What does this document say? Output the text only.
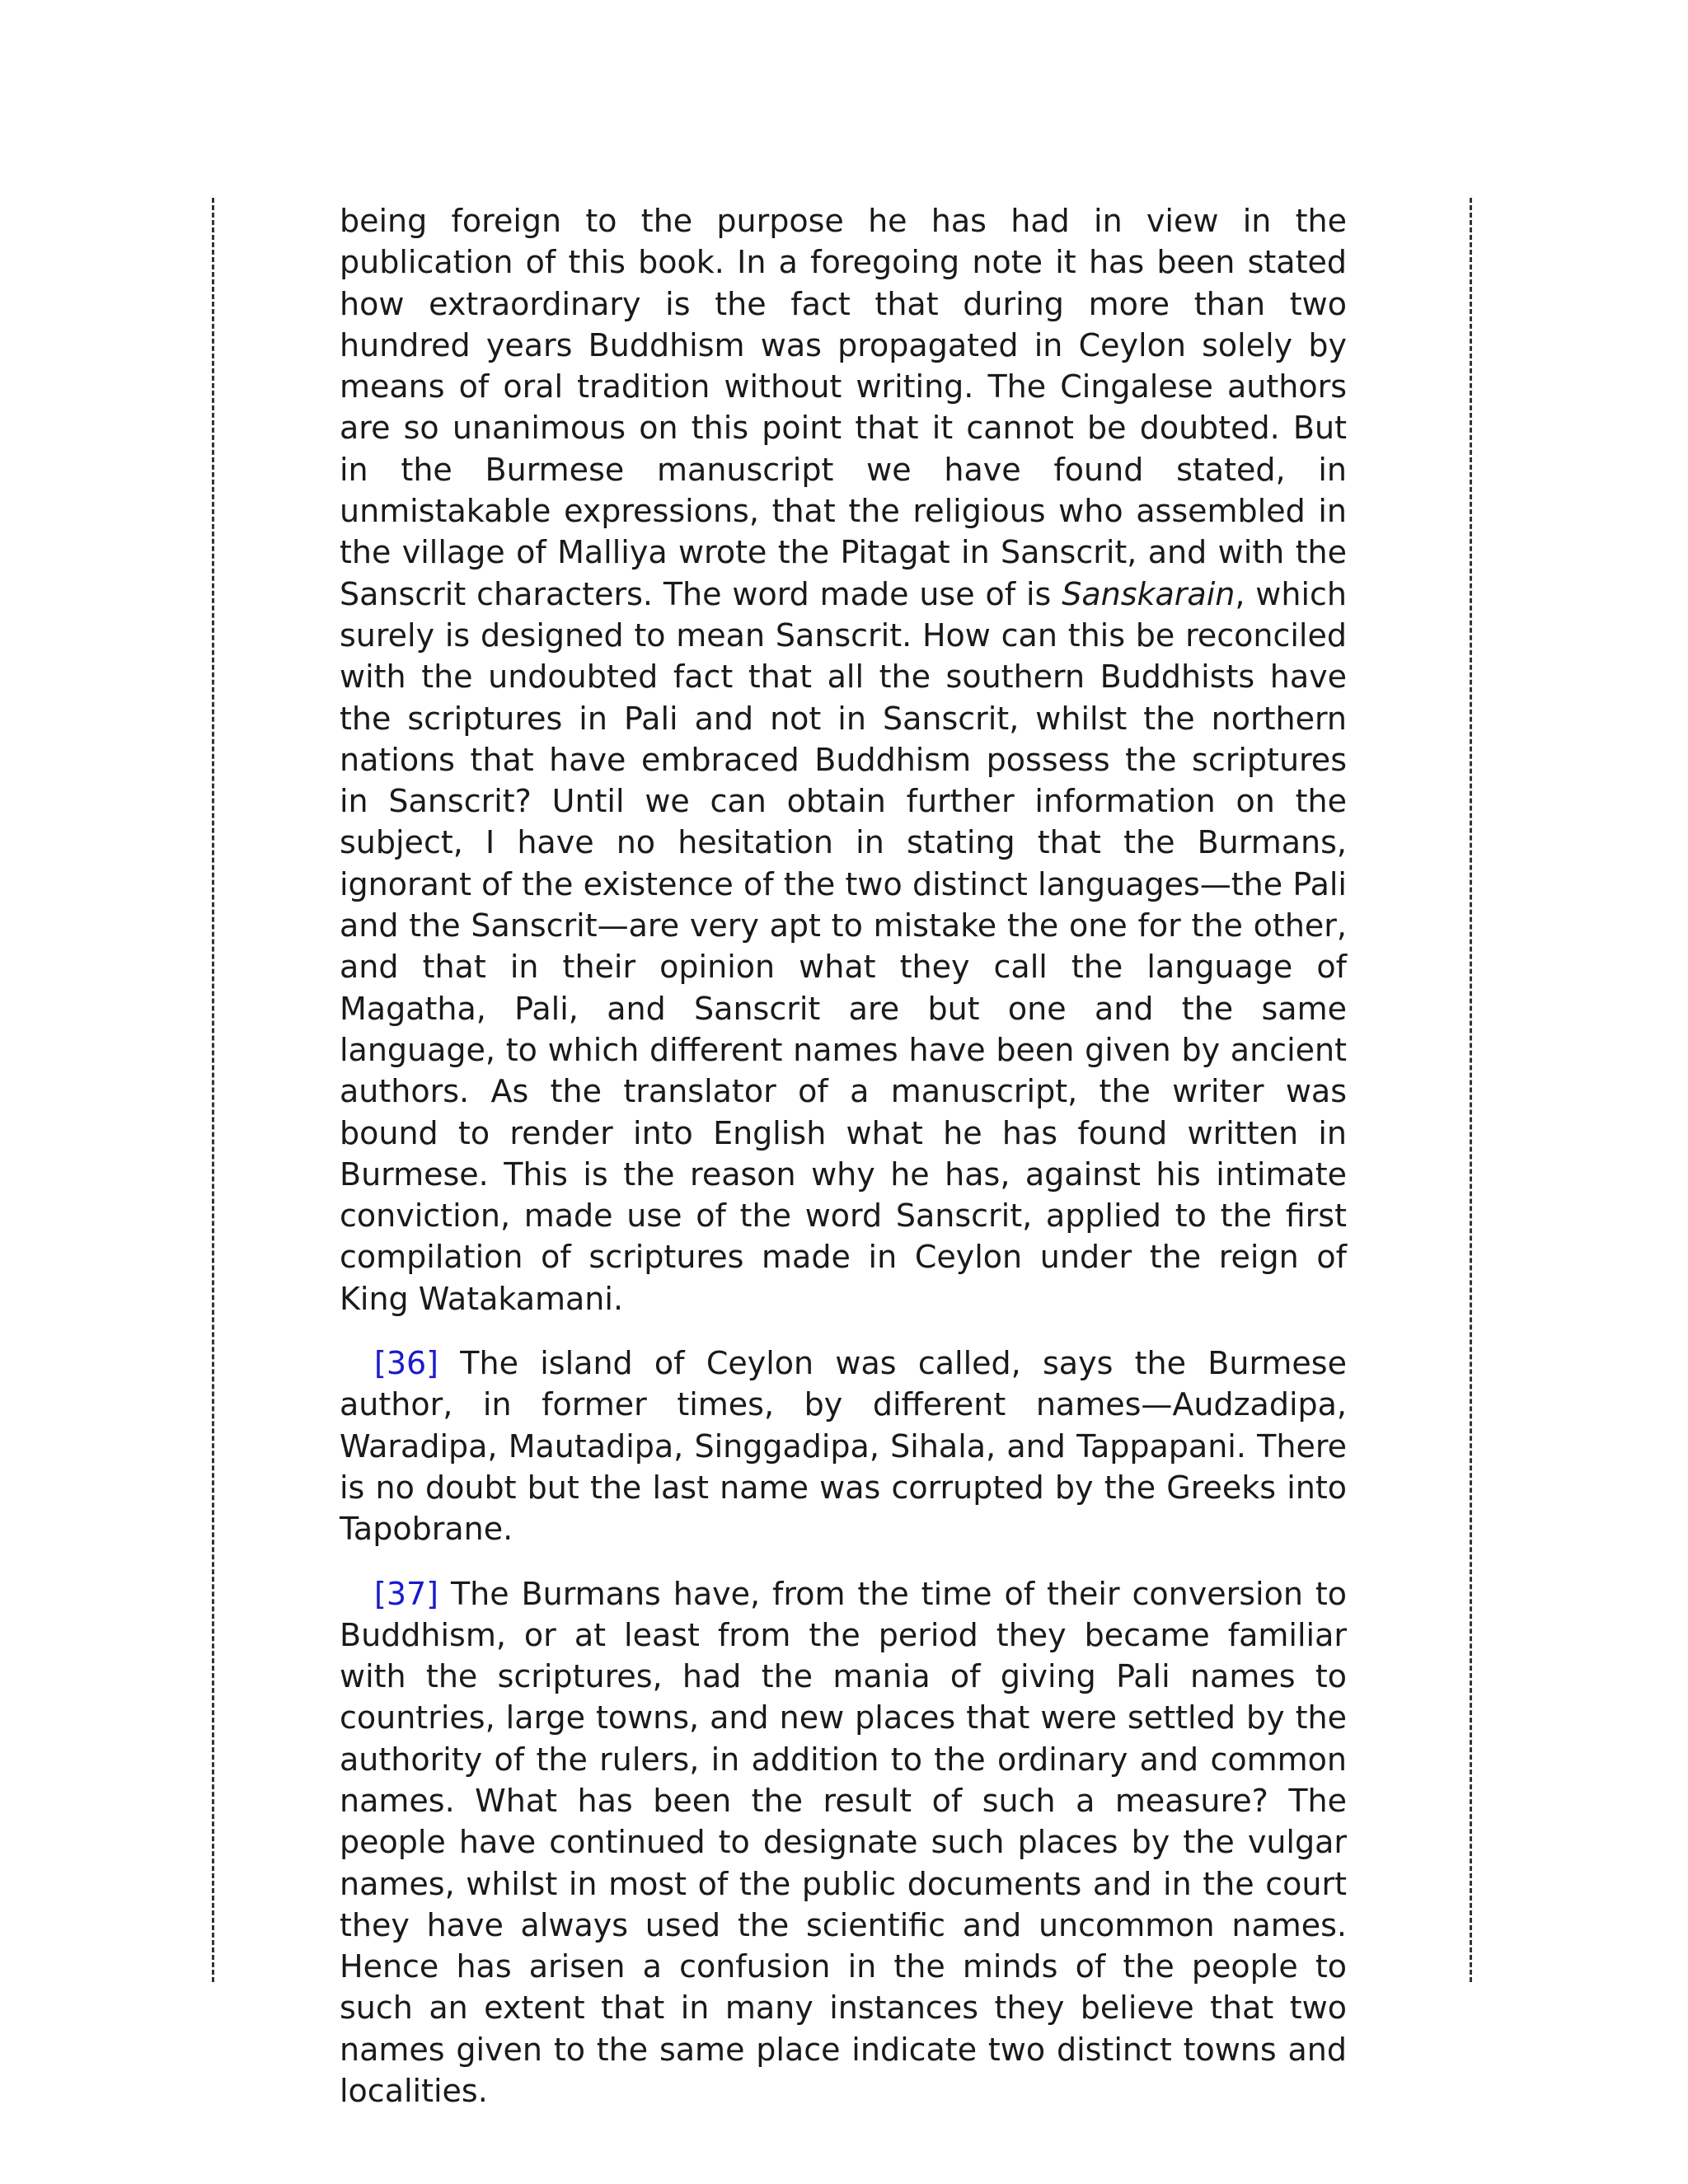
being foreign to the purpose he has had in view in the publication of this book. In a foregoing note it has been stated how extraordinary is the fact that during more than two hundred years Buddhism was propagated in Ceylon solely by means of oral tradition without writing. The Cingalese authors are so unanimous on this point that it cannot be doubted. But in the Burmese manuscript we have found stated, in unmistakable expressions, that the religious who assembled in the village of Malliya wrote the Pitagat in Sanscrit, and with the Sanscrit characters. The word made use of is Sanskarain, which surely is designed to mean Sanscrit. How can this be reconciled with the undoubted fact that all the southern Buddhists have the scriptures in Pali and not in Sanscrit, whilst the northern nations that have embraced Buddhism possess the scriptures in Sanscrit? Until we can obtain further information on the subject, I have no hesitation in stating that the Burmans, ignorant of the existence of the two distinct languages—the Pali and the Sanscrit—are very apt to mistake the one for the other, and that in their opinion what they call the language of Magatha, Pali, and Sanscrit are but one and the same language, to which different names have been given by ancient authors. As the translator of a manuscript, the writer was bound to render into English what he has found written in Burmese. This is the reason why he has, against his intimate conviction, made use of the word Sanscrit, applied to the first compilation of scriptures made in Ceylon under the reign of King Watakamani.

[36] The island of Ceylon was called, says the Burmese author, in former times, by different names—Audzadipa, Waradipa, Mautadipa, Singgadipa, Sihala, and Tappapani. There is no doubt but the last name was corrupted by the Greeks into Tapobrane.

[37] The Burmans have, from the time of their conversion to Buddhism, or at least from the period they became familiar with the scriptures, had the mania of giving Pali names to countries, large towns, and new places that were settled by the authority of the rulers, in addition to the ordinary and common names. What has been the result of such a measure? The people have continued to designate such places by the vulgar names, whilst in most of the public documents and in the court they have always used the scientific and uncommon names. Hence has arisen a confusion in the minds of the people to such an extent that in many instances they believe that two names given to the same place indicate two distinct towns and localities.
